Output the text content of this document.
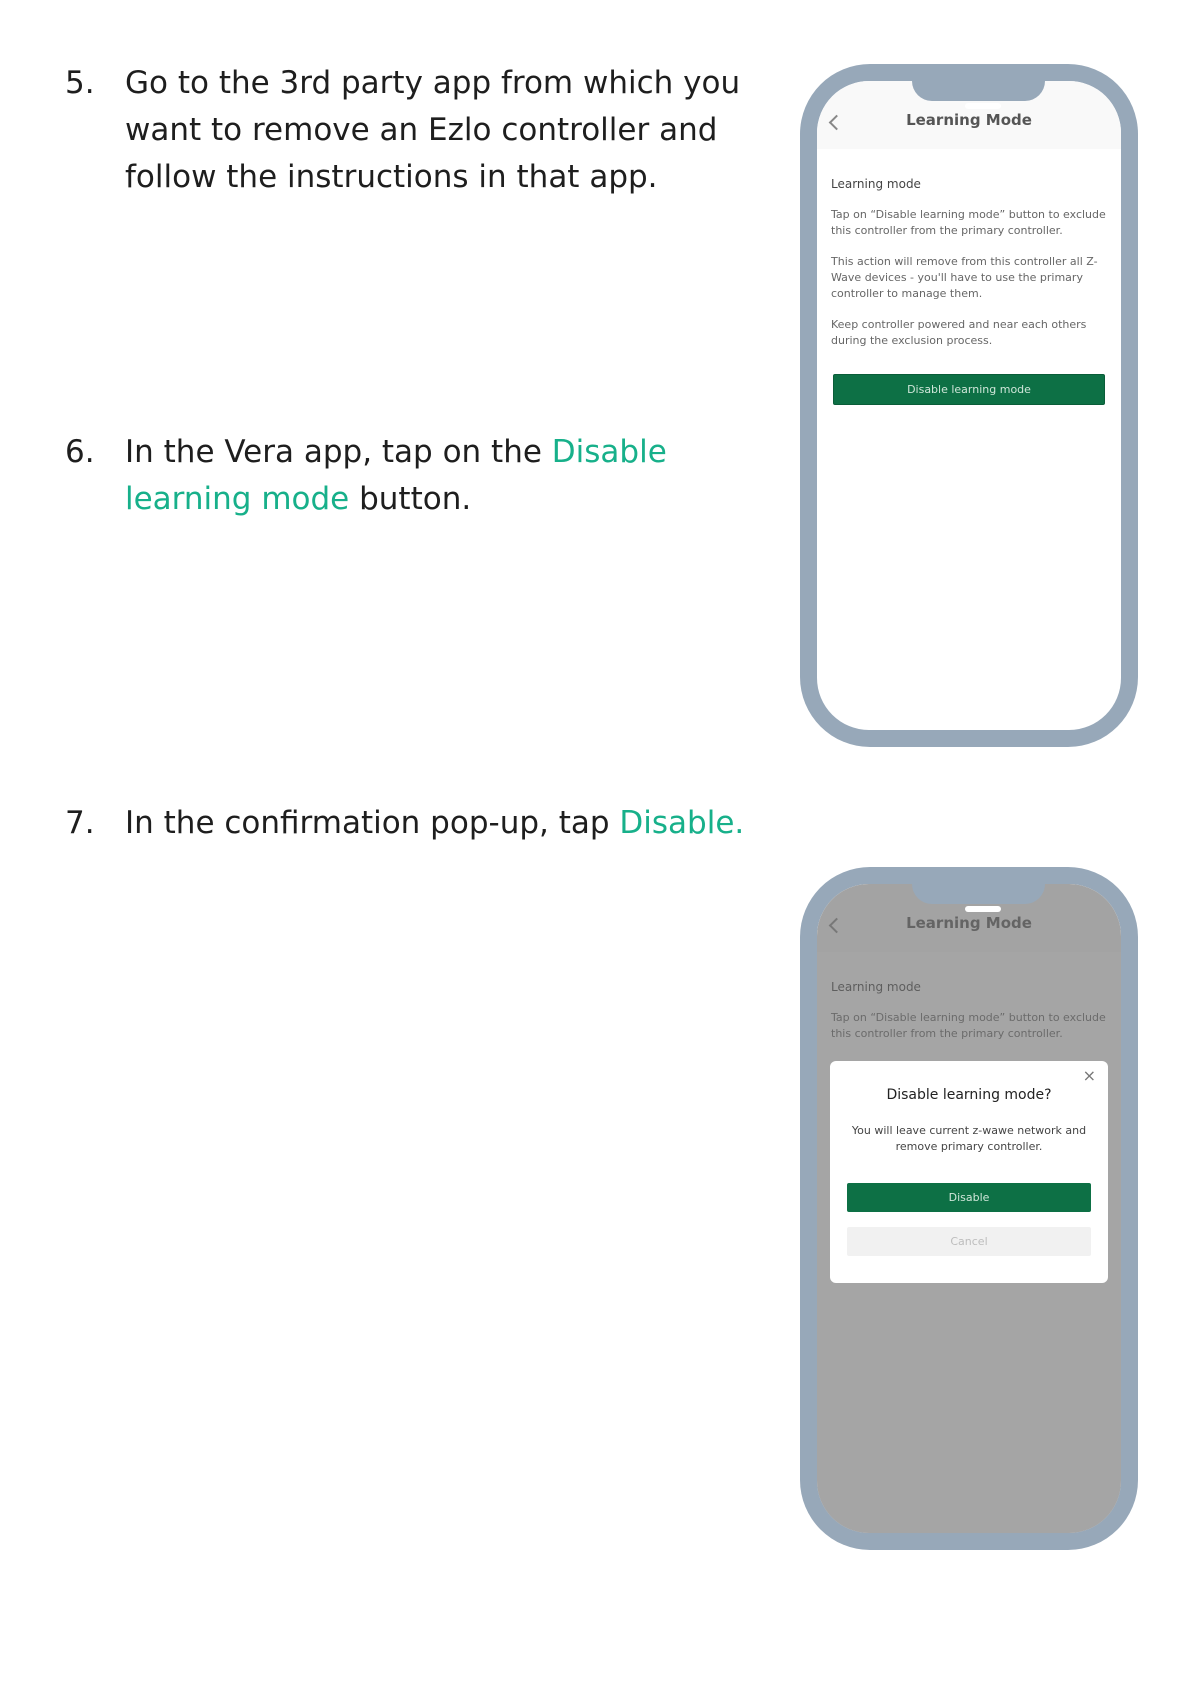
5. Go to the 3rd party app from which you want to remove an Ezlo controller and follow the instructions in that app.
6. In the Vera app, tap on the Disable learning mode button.
7. In the confirmation pop-up, tap Disable.
Learning Mode
Learning mode

Tap on “Disable learning mode” button to exclude this controller from the primary controller.

This action will remove from this controller all Z-Wave devices - you'll have to use the primary controller to manage them.

Keep controller powered and near each others during the exclusion process.

Disable learning mode

×
Disable learning mode?
You will leave current z-wawe network and remove primary controller.
Disable
Cancel
